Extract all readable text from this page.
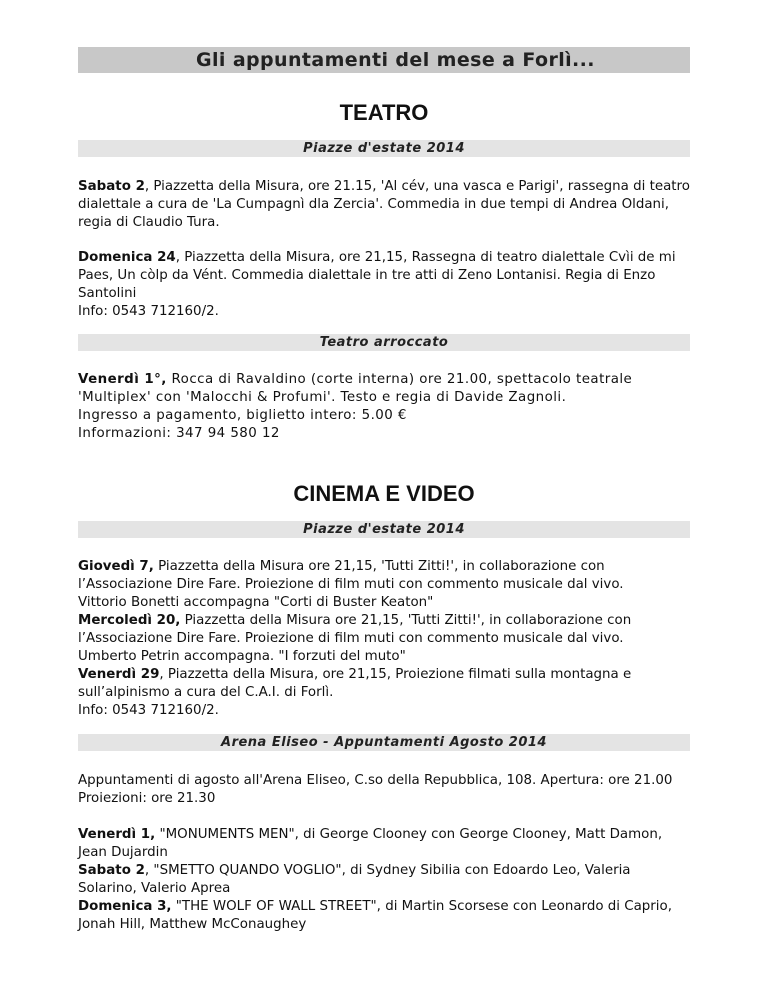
Gli appuntamenti del mese a Forlì...
TEATRO
Piazze d'estate 2014

Sabato 2, Piazzetta della Misura, ore 21.15, 'Al cév, una vasca e Parigi', rassegna di teatro dialettale a cura de 'La Cumpagnì dla Zercia'. Commedia in due tempi di Andrea Oldani, regia di Claudio Tura.

Domenica 24, Piazzetta della Misura, ore 21,15, Rassegna di teatro dialettale Cvìi de mi Paes, Un còlp da Vént. Commedia dialettale in tre atti di Zeno Lontanisi. Regia di Enzo Santolini
Info: 0543 712160/2.

Teatro arroccato

Venerdì 1°, Rocca di Ravaldino (corte interna) ore 21.00, spettacolo teatrale 'Multiplex' con 'Malocchi & Profumi'. Testo e regia di Davide Zagnoli.
Ingresso a pagamento, biglietto intero: 5.00 €
Informazioni: 347 94 580 12

CINEMA E VIDEO
Piazze d'estate 2014

Giovedì 7, Piazzetta della Misura ore 21,15, 'Tutti Zitti!', in collaborazione con l’Associazione Dire Fare. Proiezione di film muti con commento musicale dal vivo.
Vittorio Bonetti accompagna "Corti di Buster Keaton"

Mercoledì 20, Piazzetta della Misura ore 21,15, 'Tutti Zitti!', in collaborazione con l’Associazione Dire Fare. Proiezione di film muti con commento musicale dal vivo.
Umberto Petrin accompagna. "I forzuti del muto"

Venerdì 29, Piazzetta della Misura, ore 21,15, Proiezione filmati sulla montagna e sull’alpinismo a cura del C.A.I. di Forlì.
Info: 0543 712160/2.

Arena Eliseo - Appuntamenti Agosto 2014

Appuntamenti di agosto all'Arena Eliseo, C.so della Repubblica, 108. Apertura: ore 21.00 Proiezioni: ore 21.30

Venerdì 1, "MONUMENTS MEN", di George Clooney con George Clooney, Matt Damon, Jean Dujardin

Sabato 2, "SMETTO QUANDO VOGLIO", di Sydney Sibilia con Edoardo Leo, Valeria Solarino, Valerio Aprea

Domenica 3, "THE WOLF OF WALL STREET", di Martin Scorsese con Leonardo di Caprio, Jonah Hill, Matthew McConaughey
